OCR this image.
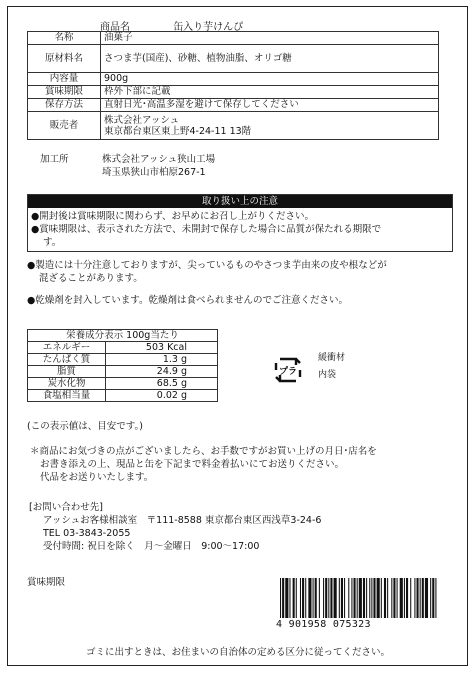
商品名	缶入り芋けんぴ
名称	油菓子
原材料名	さつま芋(国産)、砂糖、植物油脂、オリゴ糖
内容量	900g
賞味期限	枠外下部に記載
保存方法	直射日光･高温多湿を避けて保存してください
販売者	株式会社アッシュ
東京都台東区東上野4-24-11 13階
加工所	株式会社アッシュ狭山工場
埼玉県狭山市柏原267-1
取り扱い上の注意
●開封後は賞味期限に関わらず、お早めにお召し上がりください。
●賞味期限は、表示された方法で、未開封で保存した場合に品質が保たれる期限で
す。
●製造には十分注意しておりますが、尖っているものやさつま芋由来の皮や根などが
混ざることがあります。
●乾燥剤を封入しています。乾燥剤は食べられませんのでご注意ください。
栄養成分表示 100g当たり	
エネルギー	503 Kcal
たんぱく質	1.3 g
脂質	24.9 g
炭水化物	68.5 g
食塩相当量	0.02 g
(この表示値は、目安です。)
プラ
緩衝材
内袋
＊商品にお気づきの点がございましたら、お手数ですがお買い上げの月日･店名を
お書き添えの上、現品と缶を下記まで料金着払いにてお送りください。
代品をお送りいたします。
[お問い合わせ先]
アッシュお客様相談室　〒111-8588 東京都台東区西浅草3-24-6
TEL 03-3843-2055
受付時間: 祝日を除く　月～金曜日　9:00～17:00
賞味期限
4 901958 075323
ゴミに出すときは、お住まいの自治体の定める区分に従ってください。
